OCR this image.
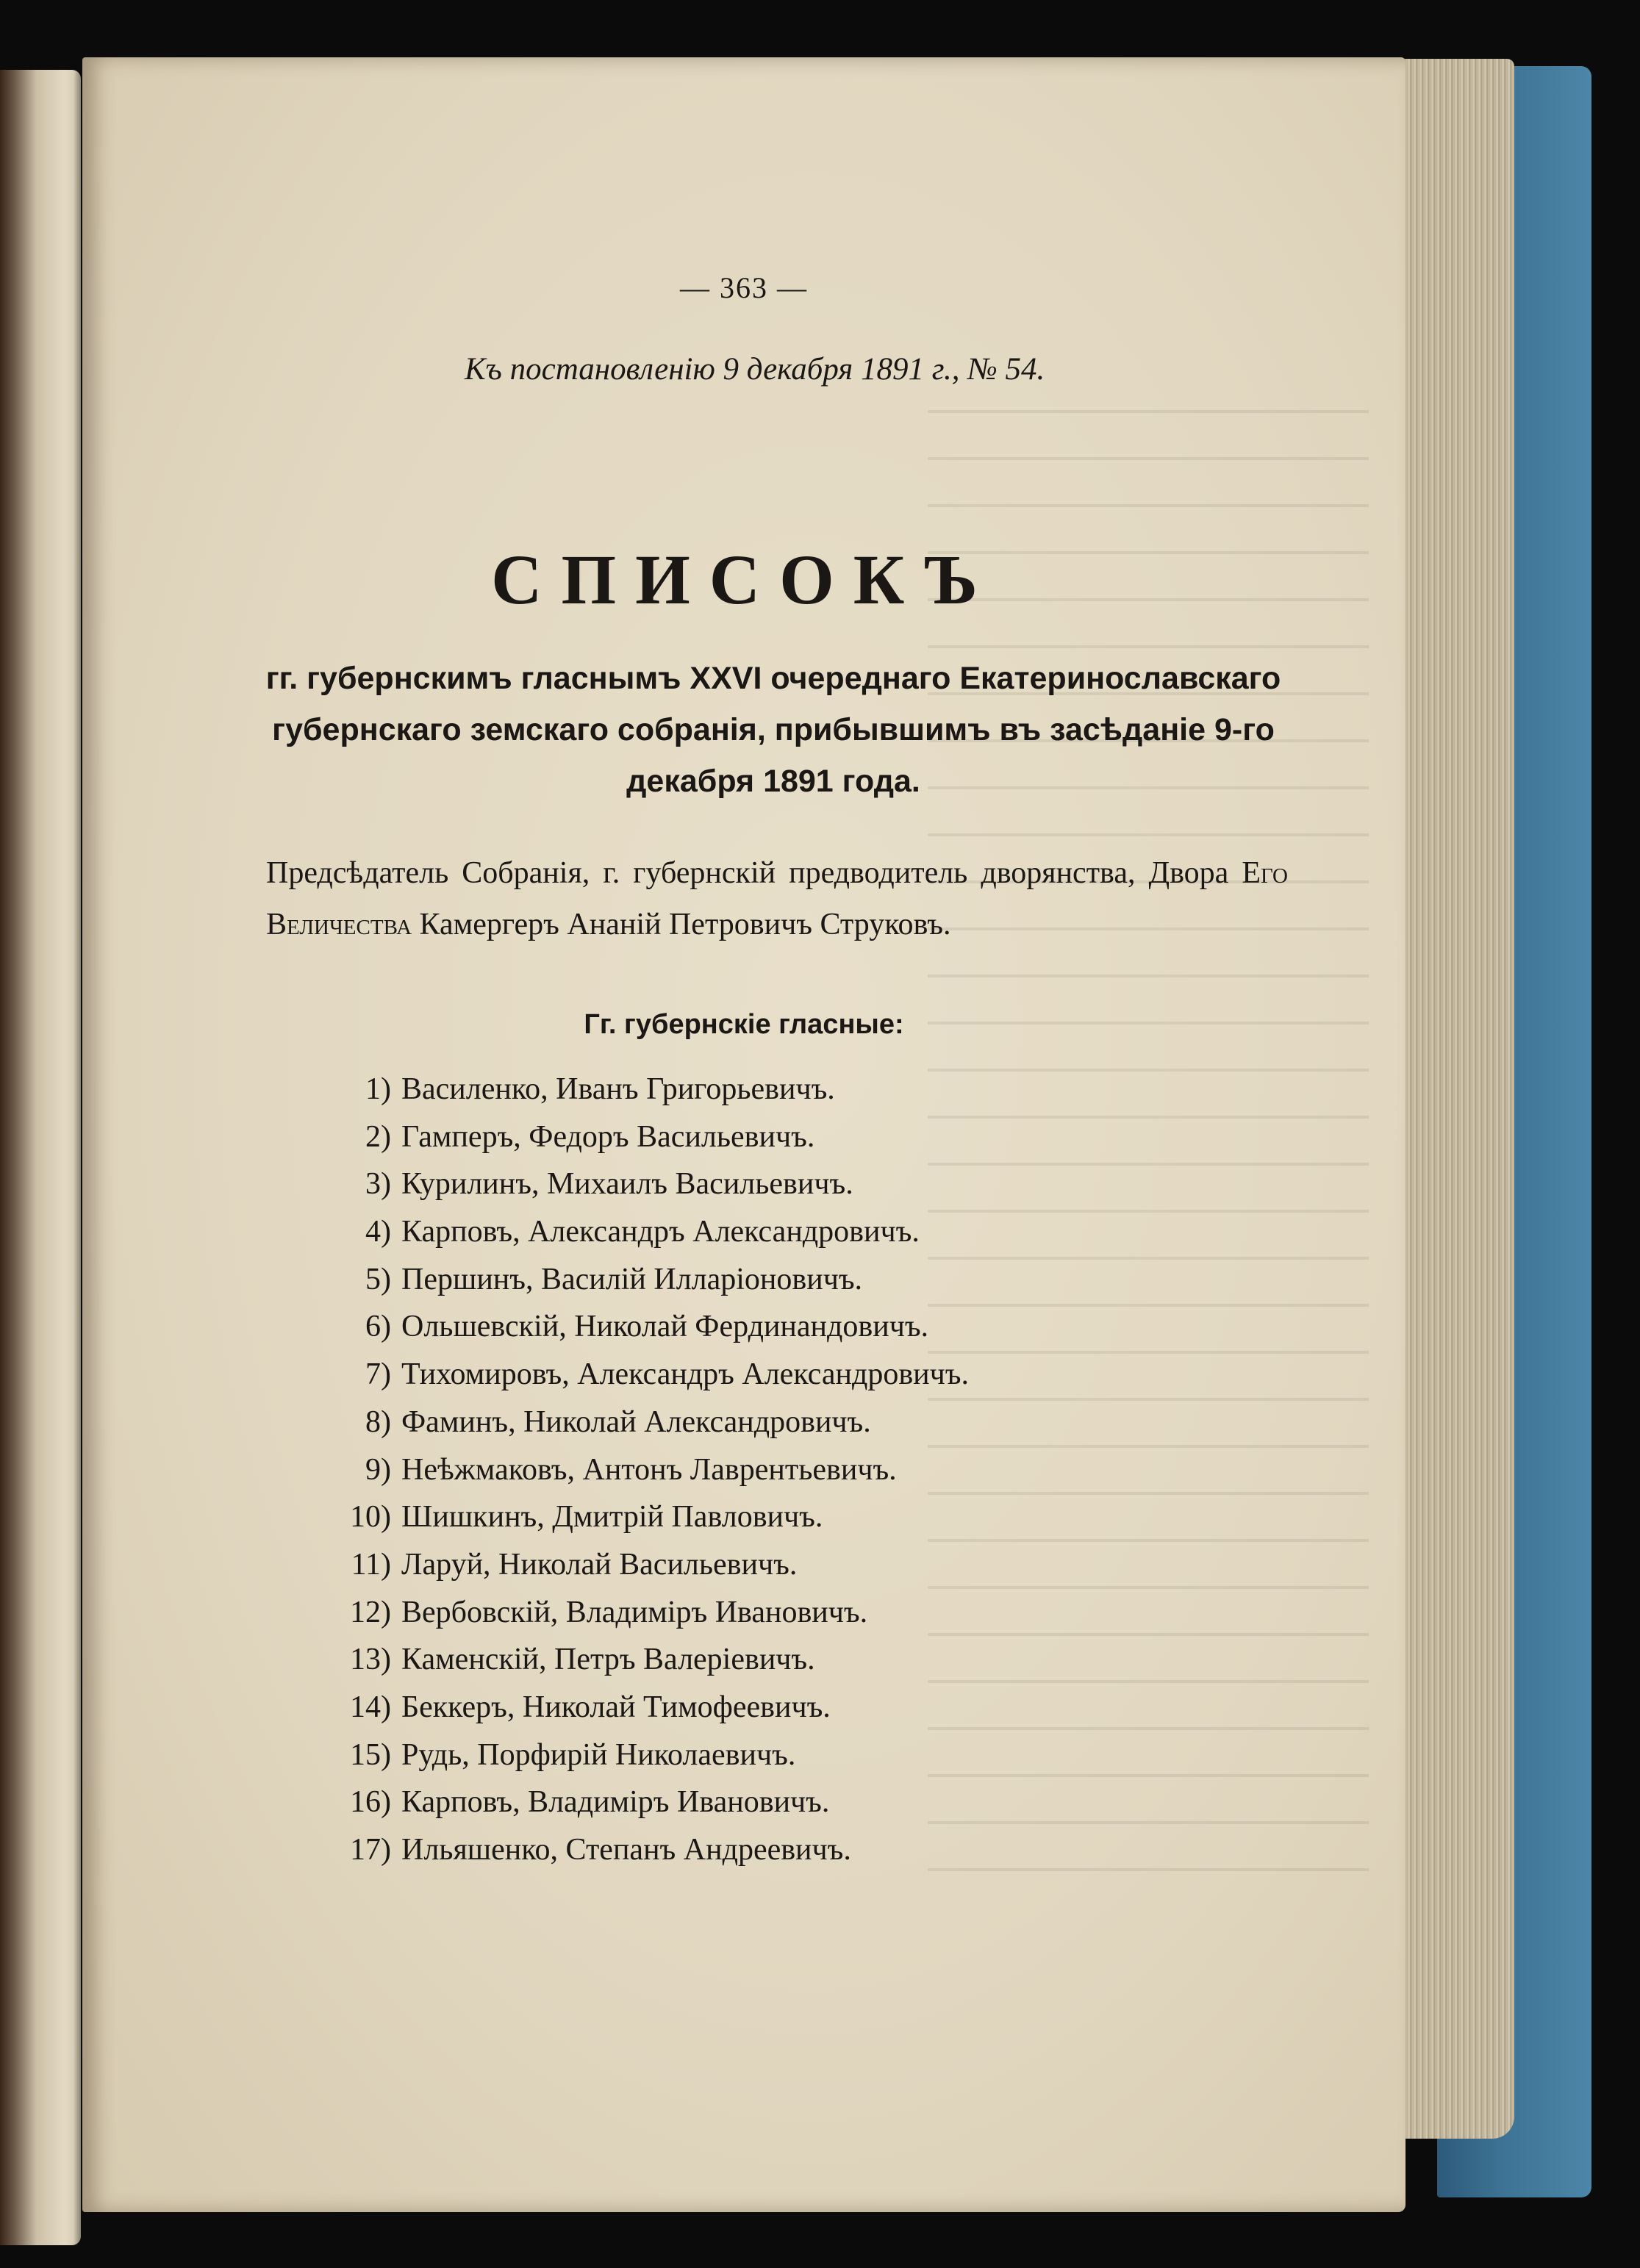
— 363 —
Къ постановленію 9 декабря 1891 г., № 54.
СПИСОКЪ
гг. губернскимъ гласнымъ XXVI очереднаго Екатеринославскаго губернскаго земскаго собранія, прибывшимъ въ засѣданіе 9-го декабря 1891 года.
Предсѣдатель Собранія, г. губернскій предводитель дворянства, Двора Его Величества Камергеръ Ананій Петровичъ Струковъ.
Гг. губернскіе гласные:
1) Василенко, Иванъ Григорьевичъ.
2) Гамперъ, Федоръ Васильевичъ.
3) Курилинъ, Михаилъ Васильевичъ.
4) Карповъ, Александръ Александровичъ.
5) Першинъ, Василій Илларіоновичъ.
6) Ольшевскій, Николай Фердинандовичъ.
7) Тихомировъ, Александръ Александровичъ.
8) Фаминъ, Николай Александровичъ.
9) Неѣжмаковъ, Антонъ Лаврентьевичъ.
10) Шишкинъ, Дмитрій Павловичъ.
11) Ларуй, Николай Васильевичъ.
12) Вербовскій, Владиміръ Ивановичъ.
13) Каменскій, Петръ Валеріевичъ.
14) Беккеръ, Николай Тимофеевичъ.
15) Рудь, Порфирій Николаевичъ.
16) Карповъ, Владиміръ Ивановичъ.
17) Ильяшенко, Степанъ Андреевичъ.
